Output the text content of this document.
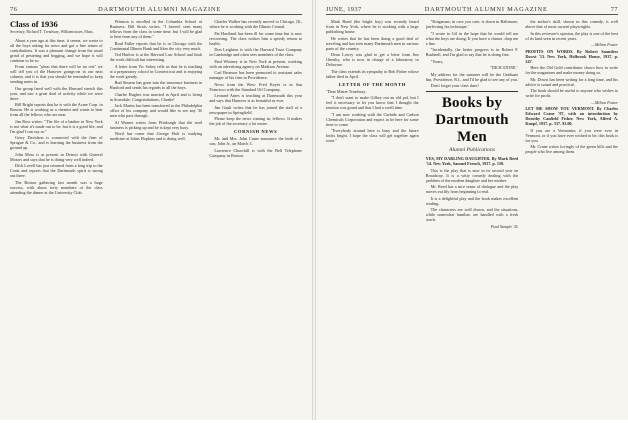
76	DARTMOUTH ALUMNI MAGAZINE
Class of 1936
Secretary, Richard T. Treadway, Williamstown, Mass.

About a year ago at this time, it seems, we wrote to all the boys asking for news and got a fine return of contributions. It was a pleasant change from the usual grind of pestering and begging, and we hope it will continue to be so.

From various "pleas that there will be no rest" we will tell you of the Hanover goings-on in our next column, and it is that you should be reminded to keep sending notes in.

Our group fared well with the Harvard stretch this year, and saw a great deal of activity while we were there.

Bill Bright reports that he is with the Acme Corp. in Boston. He is working as a chemist and wants to hear from all the fellows who are near.

Jim Ross writes: "The life of a banker in New York is not what it's made out to be, but it is a good life, and I'm glad I can say so."

Gerry Davidson is connected with the firm of Sprague & Co., and is learning the business from the ground up.

John Moss is at present in Detroit with General Motors and says that he is doing very well indeed.

Dick Lovell has just returned from a long trip to the Coast and reports that the Dartmouth spirit is strong out there.

The Boston gathering last month was a huge success, with about forty members of the class attending the dinner at the University Club.

Winston is enrolled in the Columbia School of Business. Bill Sirois writes, "I haven't seen many fellows from the class in some time, but I will be glad to hear from any of them."

Brad Fuller reports that he is in Chicago with the Continental Illinois Bank and likes the city very much.

Ted Harlow is at the Harvard Law School and finds the work difficult but interesting.

A letter from Vic Sobey tells us that he is teaching at a preparatory school in Connecticut and is enjoying the work greatly.

Bud Stearns has gone into the insurance business in Hartford and sends his regards to all the boys.

Charlie Hughes was married in April and is living in Scarsdale. Congratulations, Charlie!

Jack Martin has been transferred to the Philadelphia office of his company and would like to see any '36 men who pass through.

Al Warner writes from Pittsburgh that the steel business is picking up and he is kept very busy.

Word has come that George Holt is studying medicine at Johns Hopkins and is doing well.

Charles Walker has recently moved to Chicago, Ill., where he is working with the Illinois Central.

Pat Haviland has been ill for some time but is now recovering. The class wishes him a speedy return to health.

Don Leighton is with the Harvard Trust Company in Cambridge and often sees members of the class.

Paul Whitney is in New York at present, working with an advertising agency on Madison Avenue.

Carl Bronson has been promoted to assistant sales manager of his firm in Providence.

News from the West: Fred Keyes is in San Francisco with the Standard Oil Company.

Leonard Ames is teaching at Dartmouth this year and says that Hanover is as beautiful as ever.

Jim Gault writes that he has joined the staff of a newspaper in Springfield.

Please keep the news coming in, fellows. It makes the job of the secretary a lot easier.

CORNISH NEWS

Mr. and Mrs. John Crane announce the birth of a son, John Jr., on March 3.

Lawrence Churchill is with the Bell Telephone Company in Boston.

JUNE, 1937	DARTMOUTH ALUMNI MAGAZINE	77

Mark Bond (the bright boy) was recently heard from in New York, where he is working with a large publishing house.

He writes that he has been doing a good deal of traveling and has seen many Dartmouth men in various parts of the country.

Dean Lowry was glad to get a letter from Jim Ormsby, who is now in charge of a laboratory in Delaware.

The class extends its sympathy to Bob Fisher whose father died in April.

LETTER OF THE MONTH

"Dear Mister Treadway:

"I don't want to make Gilbey out an old pal, but I feel it necessary to let you know that I thought the reunion was grand and that I had a swell time.

"I am now working with the Carbide and Carbon Chemicals Corporation and expect to be here for some time to come.

"Everybody around here is busy and the future looks bright. I hope the class will get together again soon."

"Kingsman, in case you care, is down in Baltimore, 'perfecting his technique.'

"I wrote to Gil in the hope that he would tell me what the boys are doing. If you have a chance, drop me a line.

"Incidentally, the better progress is in Robert F. Bushnell, and I'm glad to say that he is doing fine.

"Yours,

"DICK STONE."

My address for the summer will be the Graduate Inn, Providence, R.I., and I'd be glad to see any of you.

Don't forget your class dues!

Books by Dartmouth Men
Alumni Publications

YES, MY DARLING DAUGHTER. By Mark Reed '14. New York, Samuel French, 1937. p. 150.

This is the play that is now in its second year on Broadway. It is a witty comedy dealing with the problem of the modern daughter and her mother.

Mr. Reed has a nice sense of dialogue and the play moves swiftly from beginning to end.

It is a delightful play and the book makes excellent reading.

The characters are well drawn, and the situations, while somewhat familiar, are handled with a fresh touch.

Paul Sample '20

the author's skill, shown in this comedy, is well above that of most current playwrights.

In this reviewer's opinion, the play is one of the best of its kind seen in recent years.

—Milton Foster

PROFITS ON WORDS. By Robert Saunders Dowst '13. New York, Holbrook House, 1937. p. 247.

Here the Old Gold contributor shows how to write for the magazines and make money doing so.

Mr. Dowst has been writing for a long time, and his advice is sound and practical.

The book should be useful to anyone who wishes to write for profit.

—Milton Foster

LET ME SHOW YOU VERMONT. By Charles Edward Crane '07, with an introduction by Dorothy Canfield Fisher. New York, Alfred A. Knopf, 1937. p. 337. $3.00.

If you are a Vermonter, if you were ever in Vermont, or if you have ever wished to be, this book is for you.

Mr. Crane writes lovingly of the green hills and the people who live among them.
